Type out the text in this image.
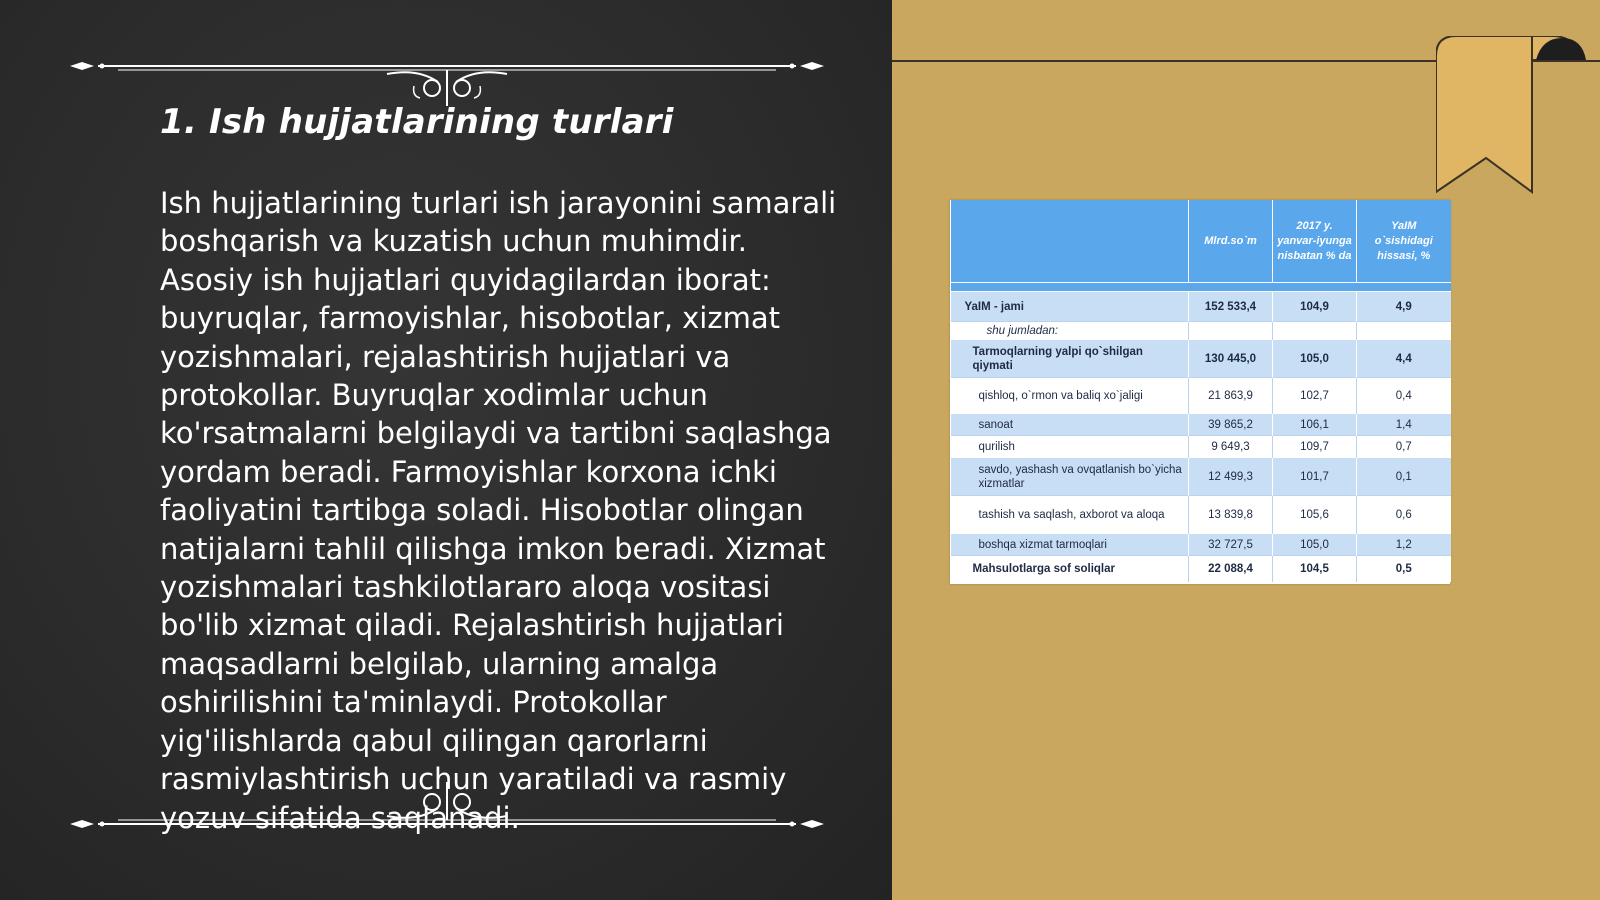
1. Ish hujjatlarining turlari

Ish hujjatlarining turlari ish jarayonini samarali boshqarish va kuzatish uchun muhimdir. Asosiy ish hujjatlari quyidagilardan iborat: buyruqlar, farmoyishlar, hisobotlar, xizmat yozishmalari, rejalashtirish hujjatlari va protokollar. Buyruqlar xodimlar uchun ko'rsatmalarni belgilaydi va tartibni saqlashga yordam beradi. Farmoyishlar korxona ichki faoliyatini tartibga soladi. Hisobotlar olingan natijalarni tahlil qilishga imkon beradi. Xizmat yozishmalari tashkilotlararo aloqa vositasi bo'lib xizmat qiladi. Rejalashtirish hujjatlari maqsadlarni belgilab, ularning amalga oshirilishini ta'minlaydi. Protokollar yig'ilishlarda qabul qilingan qarorlarni rasmiylashtirish uchun yaratiladi va rasmiy yozuv sifatida saqlanadi.

	Mlrd.so`m	2017 y. yanvar-iyunga nisbatan % da	YaIM o`sishidagi hissasi, %

YaIM - jami	152 533,4	104,9	4,9
shu jumladan:			
Tarmoqlarning yalpi qo`shilgan qiymati	130 445,0	105,0	4,4
qishloq, o`rmon va baliq xo`jaligi	21 863,9	102,7	0,4
sanoat	39 865,2	106,1	1,4
qurilish	9 649,3	109,7	0,7
savdo, yashash va ovqatlanish bo`yicha xizmatlar	12 499,3	101,7	0,1
tashish va saqlash, axborot va aloqa	13 839,8	105,6	0,6
boshqa xizmat tarmoqlari	32 727,5	105,0	1,2
Mahsulotlarga sof soliqlar	22 088,4	104,5	0,5
